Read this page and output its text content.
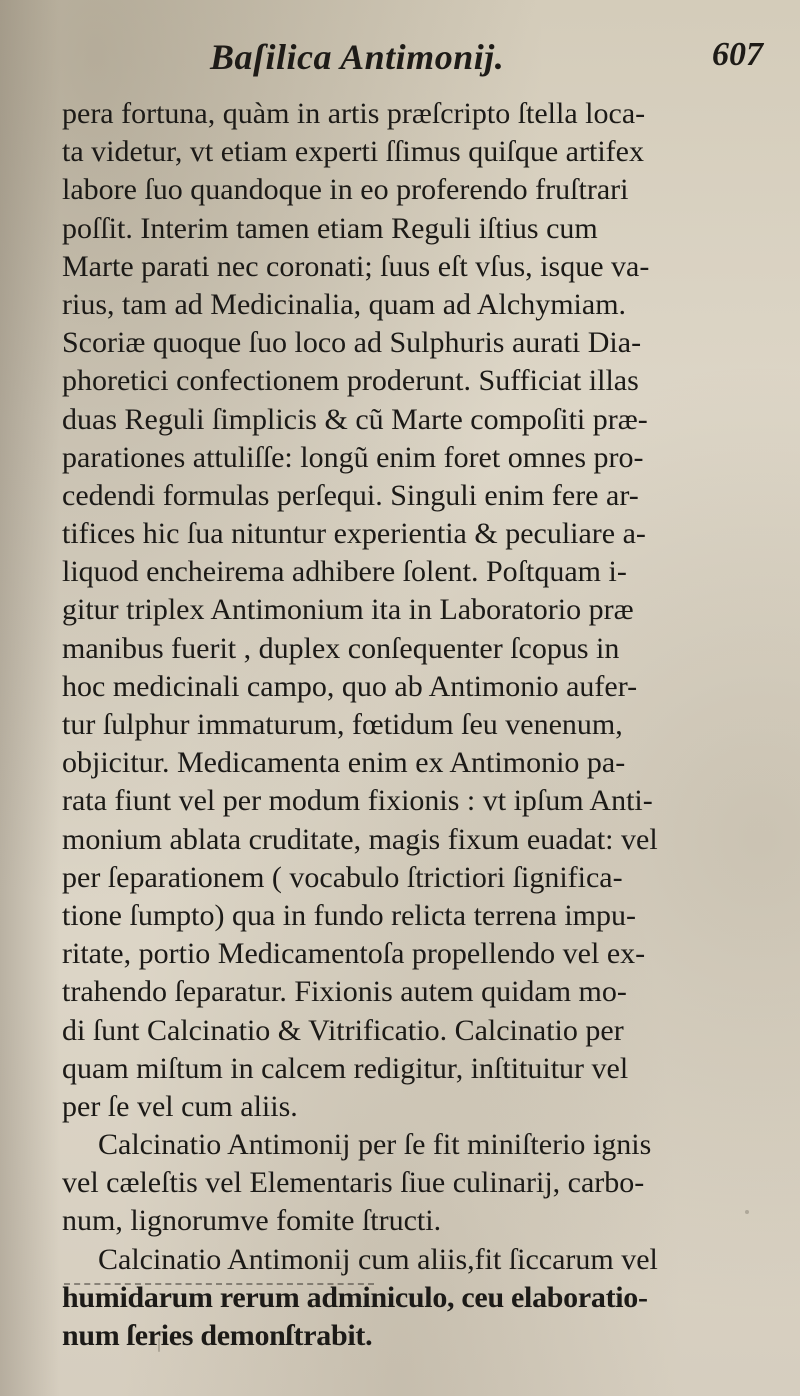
Baſilica Antimonij.	607
pera fortuna, quàm in artis præſcripto ſtella loca-
ta videtur, vt etiam experti ſſimus quiſque artifex
labore ſuo quandoque in eo proferendo fruſtrari
poſſit. Interim tamen etiam Reguli iſtius cum
Marte parati nec coronati; ſuus eſt vſus, isque va-
rius, tam ad Medicinalia, quam ad Alchymiam.
Scoriæ quoque ſuo loco ad Sulphuris aurati Dia-
phoretici confectionem proderunt. Sufficiat illas
duas Reguli ſimplicis & cũ Marte compoſiti præ-
parationes attuliſſe: longũ enim foret omnes pro-
cedendi formulas perſequi. Singuli enim fere ar-
tifices hic ſua nituntur experientia & peculiare a-
liquod encheirema adhibere ſolent. Poſtquam i-
gitur triplex Antimonium ita in Laboratorio præ
manibus fuerit , duplex conſequenter ſcopus in
hoc medicinali campo, quo ab Antimonio aufer-
tur ſulphur immaturum, fœtidum ſeu venenum,
objicitur. Medicamenta enim ex Antimonio pa-
rata fiunt vel per modum fixionis : vt ipſum Anti-
monium ablata cruditate, magis fixum euadat: vel
per ſeparationem ( vocabulo ſtrictiori ſignifica-
tione ſumpto) qua in fundo relicta terrena impu-
ritate, portio Medicamentoſa propellendo vel ex-
trahendo ſeparatur. Fixionis autem quidam mo-
di ſunt Calcinatio & Vitrificatio. Calcinatio per
quam miſtum in calcem redigitur, inſtituitur vel
per ſe vel cum aliis.
Calcinatio Antimonij per ſe fit miniſterio ignis
vel cæleſtis vel Elementaris ſiue culinarij, carbo-
num, lignorumve fomite ſtructi.
Calcinatio Antimonij cum aliis,fit ſiccarum vel
humidarum rerum adminiculo, ceu elaboratio-
num ſeries demonſtrabit.
